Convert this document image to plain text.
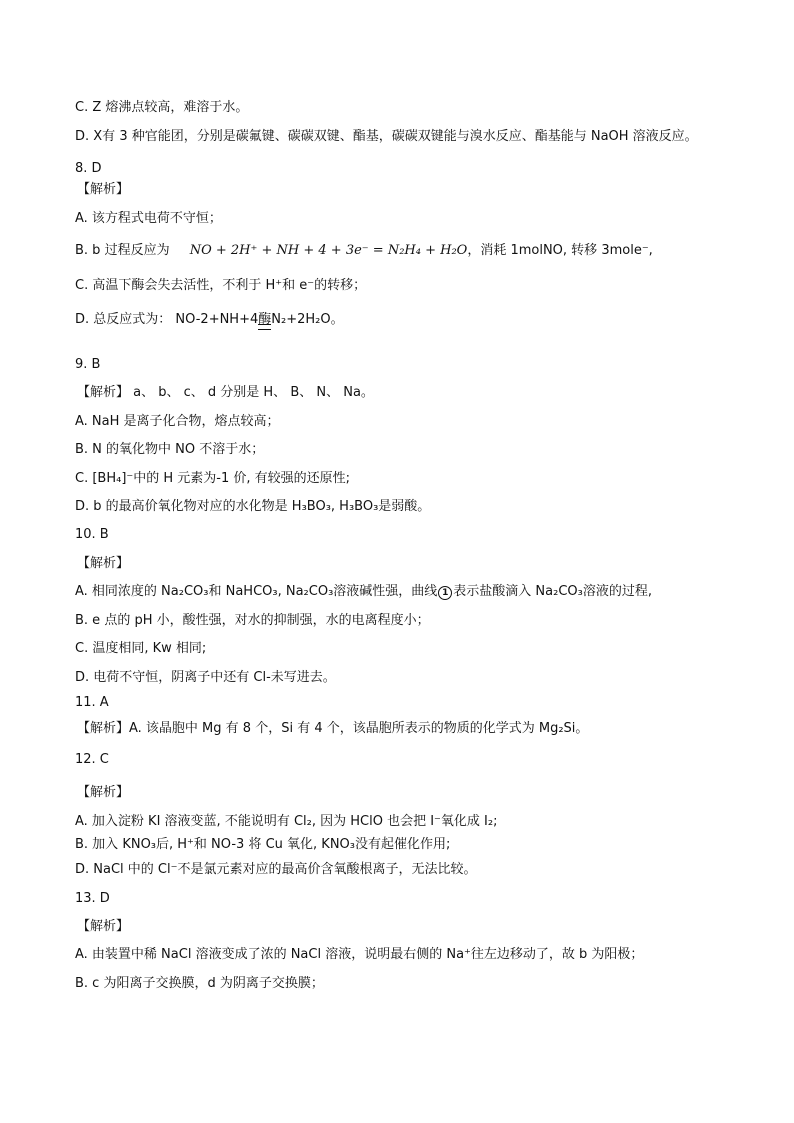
C. Z 熔沸点较高，难溶于水。
D. X有 3 种官能团，分别是碳氟键、碳碳双键、酯基，碳碳双键能与溴水反应、酯基能与 NaOH 溶液反应。
8. D
【解析】
A. 该方程式电荷不守恒；
B. b 过程反应为 NO + 2H⁺ + NH + 4 + 3e⁻ = N₂H₄ + H₂O，消耗 1molNO, 转移 3mole⁻,
C. 高温下酶会失去活性，不利于 H⁺和 e⁻的转移；
D. 总反应式为： NO-2+NH+4酶
N₂+2H₂O。
9. B
【解析】 a、 b、 c、 d 分别是 H、 B、 N、 Na。
A. NaH 是离子化合物，熔点较高；
B. N 的氧化物中 NO 不溶于水；
C. [BH₄]⁻中的 H 元素为-1 价, 有较强的还原性;
D. b 的最高价氧化物对应的水化物是 H₃BO₃, H₃BO₃是弱酸。
10. B
【解析】
A. 相同浓度的 Na₂CO₃和 NaHCO₃, Na₂CO₃溶液碱性强，曲线 1 表示盐酸滴入 Na₂CO₃溶液的过程,
B. e 点的 pH 小，酸性强，对水的抑制强，水的电离程度小；
C. 温度相同, Kw 相同;
D. 电荷不守恒，阴离子中还有 Cl-未写进去。
11. A
【解析】A. 该晶胞中 Mg 有 8 个，Si 有 4 个，该晶胞所表示的物质的化学式为 Mg₂Si。
12. C
【解析】
A. 加入淀粉 KI 溶液变蓝, 不能说明有 Cl₂, 因为 HClO 也会把 I⁻氧化成 I₂;
B. 加入 KNO₃后, H⁺和 NO-3 将 Cu 氧化, KNO₃没有起催化作用;
D. NaCl 中的 Cl⁻不是氯元素对应的最高价含氧酸根离子，无法比较。
13. D
【解析】
A. 由装置中稀 NaCl 溶液变成了浓的 NaCl 溶液，说明最右侧的 Na⁺往左边移动了，故 b 为阳极；
B. c 为阳离子交换膜，d 为阴离子交换膜；
